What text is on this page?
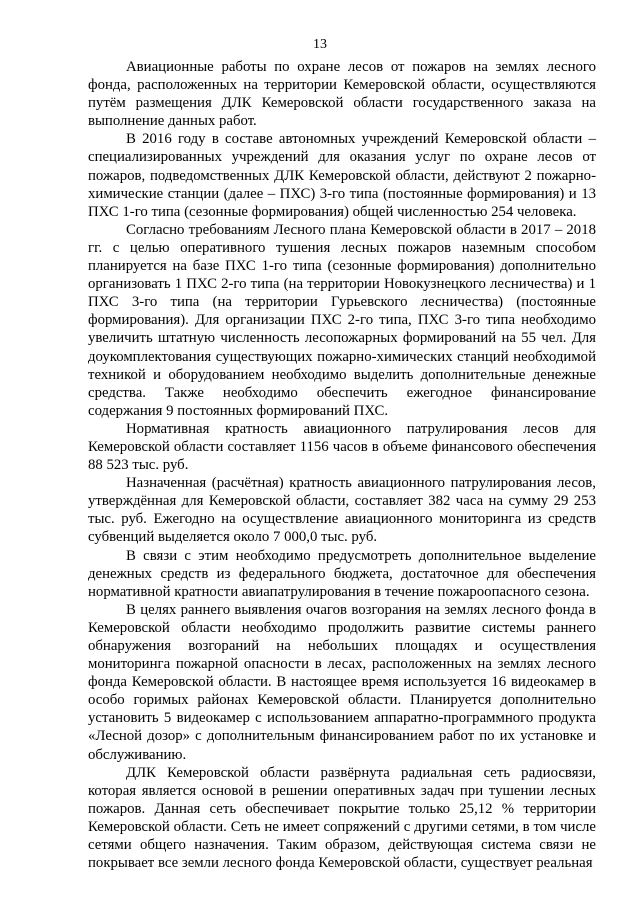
13

Авиационные работы по охране лесов от пожаров на землях лесного фонда, расположенных на территории Кемеровской области, осуществляются путём размещения ДЛК Кемеровской области государственного заказа на выполнение данных работ.

В 2016 году в составе автономных учреждений Кемеровской области – специализированных учреждений для оказания услуг по охране лесов от пожаров, подведомственных ДЛК Кемеровской области, действуют 2 пожарно-химические станции (далее – ПХС) 3-го типа (постоянные формирования) и 13 ПХС 1-го типа (сезонные формирования) общей численностью 254 человека.

Согласно требованиям Лесного плана Кемеровской области в 2017 – 2018 гг. с целью оперативного тушения лесных пожаров наземным способом планируется на базе ПХС 1-го типа (сезонные формирования) дополнительно организовать 1 ПХС 2-го типа (на территории Новокузнецкого лесничества) и 1 ПХС 3-го типа (на территории Гурьевского лесничества) (постоянные формирования). Для организации ПХС 2-го типа, ПХС 3-го типа необходимо увеличить штатную численность лесопожарных формирований на 55 чел. Для доукомплектования существующих пожарно-химических станций необходимой техникой и оборудованием необходимо выделить дополнительные денежные средства. Также необходимо обеспечить ежегодное финансирование содержания 9 постоянных формирований ПХС.

Нормативная кратность авиационного патрулирования лесов для Кемеровской области составляет 1156 часов в объеме финансового обеспечения 88 523 тыс. руб.

Назначенная (расчётная) кратность авиационного патрулирования лесов, утверждённая для Кемеровской области, составляет 382 часа на сумму 29 253 тыс. руб. Ежегодно на осуществление авиационного мониторинга из средств субвенций выделяется около 7 000,0 тыс. руб.

В связи с этим необходимо предусмотреть дополнительное выделение денежных средств из федерального бюджета, достаточное для обеспечения нормативной кратности авиапатрулирования в течение пожароопасного сезона.

В целях раннего выявления очагов возгорания на землях лесного фонда в Кемеровской области необходимо продолжить развитие системы раннего обнаружения возгораний на небольших площадях и осуществления мониторинга пожарной опасности в лесах, расположенных на землях лесного фонда Кемеровской области. В настоящее время используется 16 видеокамер в особо горимых районах Кемеровской области. Планируется дополнительно установить 5 видеокамер с использованием аппаратно-программного продукта «Лесной дозор» с дополнительным финансированием работ по их установке и обслуживанию.

ДЛК Кемеровской области развёрнута радиальная сеть радиосвязи, которая является основой в решении оперативных задач при тушении лесных пожаров. Данная сеть обеспечивает покрытие только 25,12 % территории Кемеровской области. Сеть не имеет сопряжений с другими сетями, в том числе сетями общего назначения. Таким образом, действующая система связи не покрывает все земли лесного фонда Кемеровской области, существует реальная
